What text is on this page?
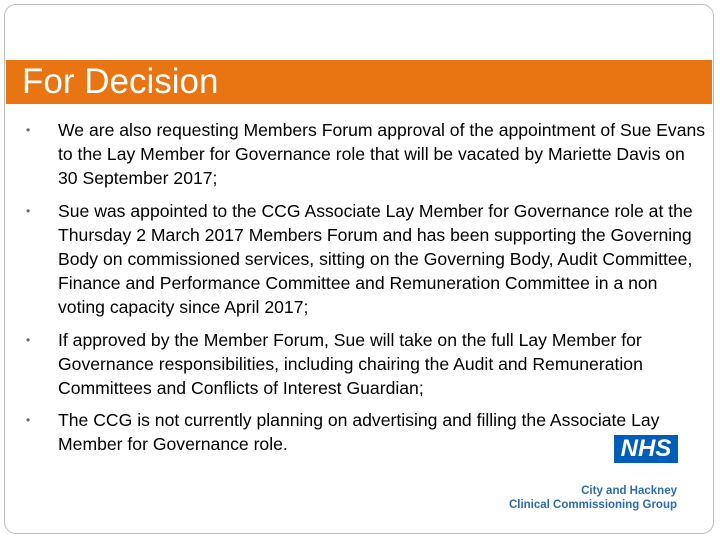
For Decision
• We are also requesting Members Forum approval of the appointment of Sue Evans to the Lay Member for Governance role that will be vacated by Mariette Davis on 30 September 2017;
• Sue was appointed to the CCG Associate Lay Member for Governance role at the Thursday 2 March 2017 Members Forum and has been supporting the Governing Body on commissioned services, sitting on the Governing Body, Audit Committee, Finance and Performance Committee and Remuneration Committee in a non voting capacity since April 2017;
• If approved by the Member Forum, Sue will take on the full Lay Member for Governance responsibilities, including chairing the Audit and Remuneration Committees and Conflicts of Interest Guardian;
• The CCG is not currently planning on advertising and filling the Associate Lay Member for Governance role.	NHS
City and Hackney
Clinical Commissioning Group
